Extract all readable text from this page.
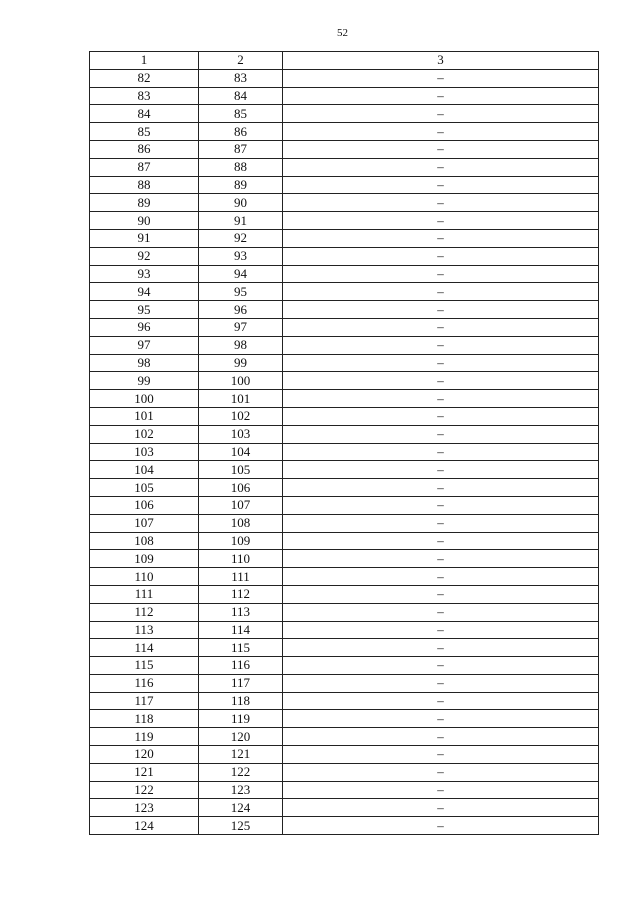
52
1	2	3
82	83	–
83	84	–
84	85	–
85	86	–
86	87	–
87	88	–
88	89	–
89	90	–
90	91	–
91	92	–
92	93	–
93	94	–
94	95	–
95	96	–
96	97	–
97	98	–
98	99	–
99	100	–
100	101	–
101	102	–
102	103	–
103	104	–
104	105	–
105	106	–
106	107	–
107	108	–
108	109	–
109	110	–
110	111	–
111	112	–
112	113	–
113	114	–
114	115	–
115	116	–
116	117	–
117	118	–
118	119	–
119	120	–
120	121	–
121	122	–
122	123	–
123	124	–
124	125	–
